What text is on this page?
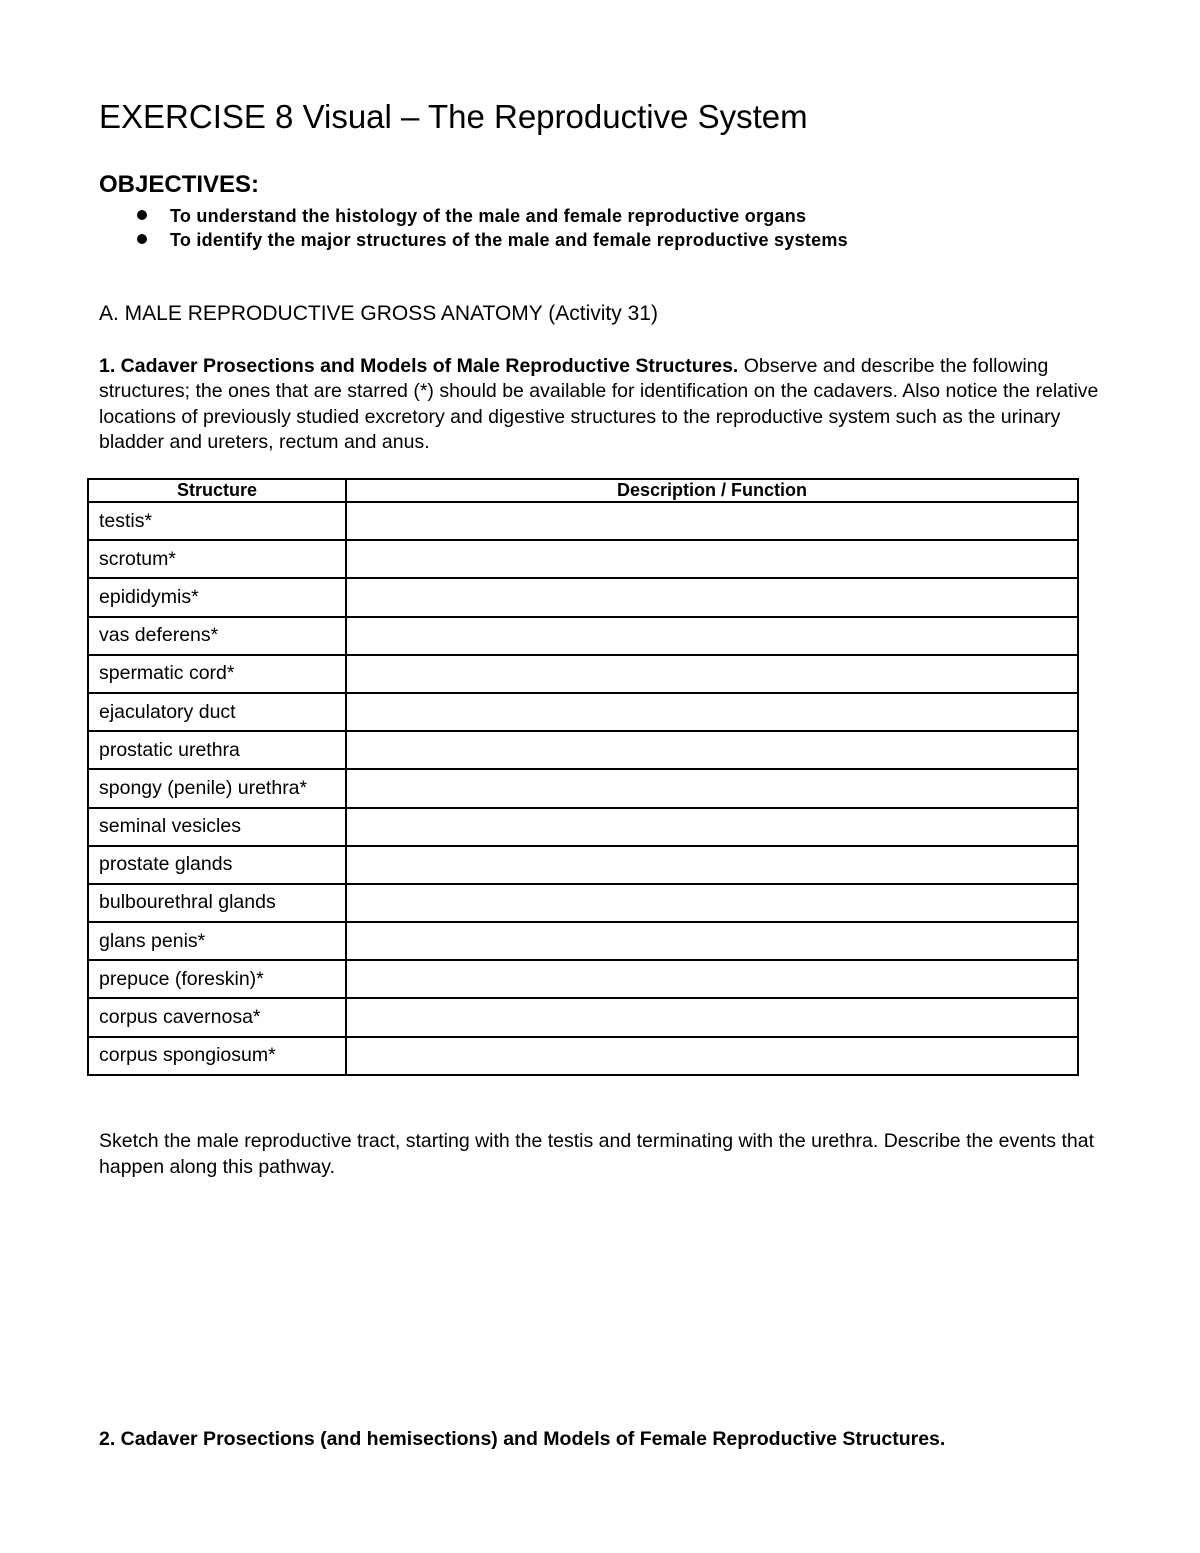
EXERCISE 8 Visual – The Reproductive System
OBJECTIVES:
To understand the histology of the male and female reproductive organs
To identify the major structures of the male and female reproductive systems
A. MALE REPRODUCTIVE GROSS ANATOMY (Activity 31)

1. Cadaver Prosections and Models of Male Reproductive Structures. Observe and describe the following structures; the ones that are starred (*) should be available for identification on the cadavers. Also notice the relative locations of previously studied excretory and digestive structures to the reproductive system such as the urinary bladder and ureters, rectum and anus.

Structure	Description / Function
testis*	
scrotum*	
epididymis*	
vas deferens*	
spermatic cord*	
ejaculatory duct	
prostatic urethra	
spongy (penile) urethra*	
seminal vesicles	
prostate glands	
bulbourethral glands	
glans penis*	
prepuce (foreskin)*	
corpus cavernosa*	
corpus spongiosum*	

Sketch the male reproductive tract, starting with the testis and terminating with the urethra. Describe the events that happen along this pathway.

2. Cadaver Prosections (and hemisections) and Models of Female Reproductive Structures.
